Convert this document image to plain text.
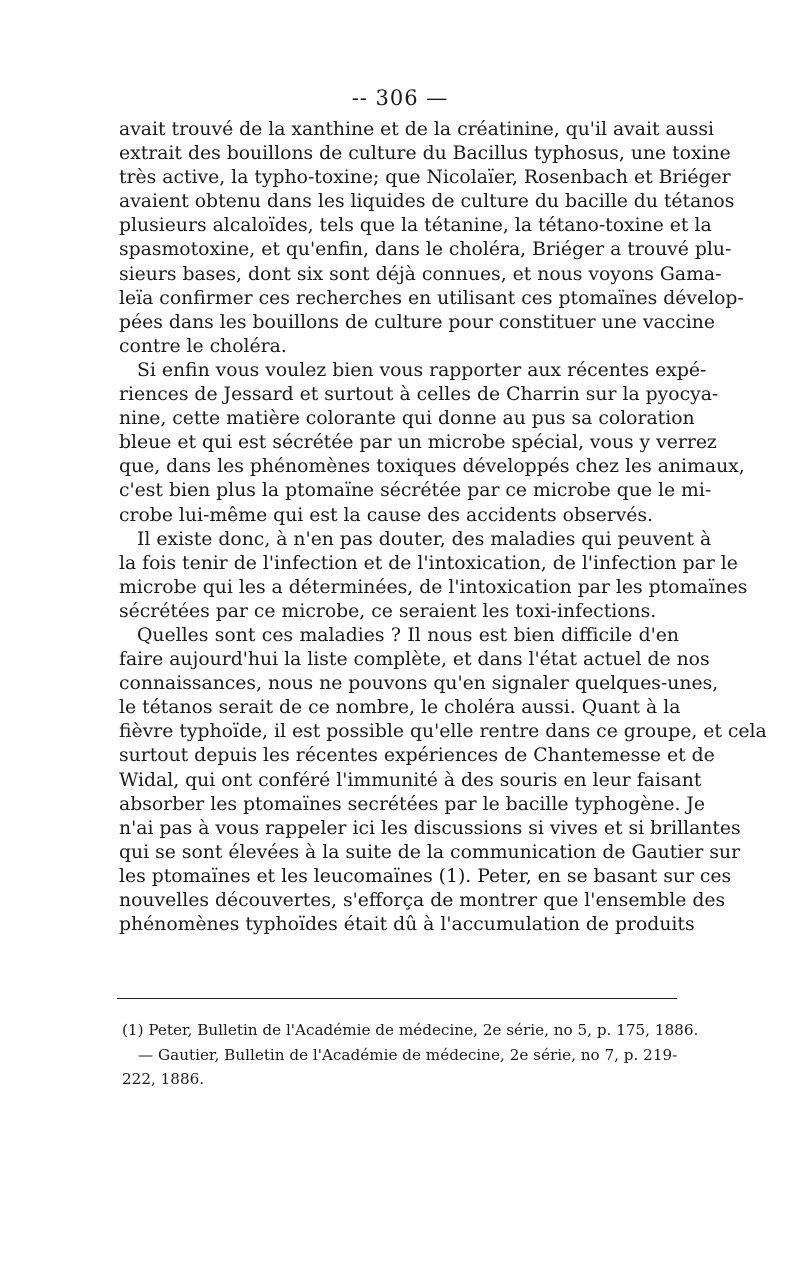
-- 306 —
avait trouvé de la xanthine et de la créatinine, qu'il avait aussi
extrait des bouillons de culture du Bacillus typhosus, une toxine
très active, la typho-toxine; que Nicolaïer, Rosenbach et Briéger
avaient obtenu dans les liquides de culture du bacille du tétanos
plusieurs alcaloïdes, tels que la tétanine, la tétano-toxine et la
spasmotoxine, et qu'enfin, dans le choléra, Briéger a trouvé plu-
sieurs bases, dont six sont déjà connues, et nous voyons Gama-
leïa confirmer ces recherches en utilisant ces ptomaïnes dévelop-
pées dans les bouillons de culture pour constituer une vaccine
contre le choléra.
Si enfin vous voulez bien vous rapporter aux récentes expé-
riences de Jessard et surtout à celles de Charrin sur la pyocya-
nine, cette matière colorante qui donne au pus sa coloration
bleue et qui est sécrétée par un microbe spécial, vous y verrez
que, dans les phénomènes toxiques développés chez les animaux,
c'est bien plus la ptomaïne sécrétée par ce microbe que le mi-
crobe lui-même qui est la cause des accidents observés.
Il existe donc, à n'en pas douter, des maladies qui peuvent à
la fois tenir de l'infection et de l'intoxication, de l'infection par le
microbe qui les a déterminées, de l'intoxication par les ptomaïnes
sécrétées par ce microbe, ce seraient les toxi-infections.
Quelles sont ces maladies ? Il nous est bien difficile d'en
faire aujourd'hui la liste complète, et dans l'état actuel de nos
connaissances, nous ne pouvons qu'en signaler quelques-unes,
le tétanos serait de ce nombre, le choléra aussi. Quant à la
fièvre typhoïde, il est possible qu'elle rentre dans ce groupe, et cela
surtout depuis les récentes expériences de Chantemesse et de
Widal, qui ont conféré l'immunité à des souris en leur faisant
absorber les ptomaïnes secrétées par le bacille typhogène. Je
n'ai pas à vous rappeler ici les discussions si vives et si brillantes
qui se sont élevées à la suite de la communication de Gautier sur
les ptomaïnes et les leucomaïnes (1). Peter, en se basant sur ces
nouvelles découvertes, s'efforça de montrer que l'ensemble des
phénomènes typhoïdes était dû à l'accumulation de produits
(1) Peter, Bulletin de l'Académie de médecine, 2e série, no 5, p. 175, 1886.
— Gautier, Bulletin de l'Académie de médecine, 2e série, no 7, p. 219-
222, 1886.
